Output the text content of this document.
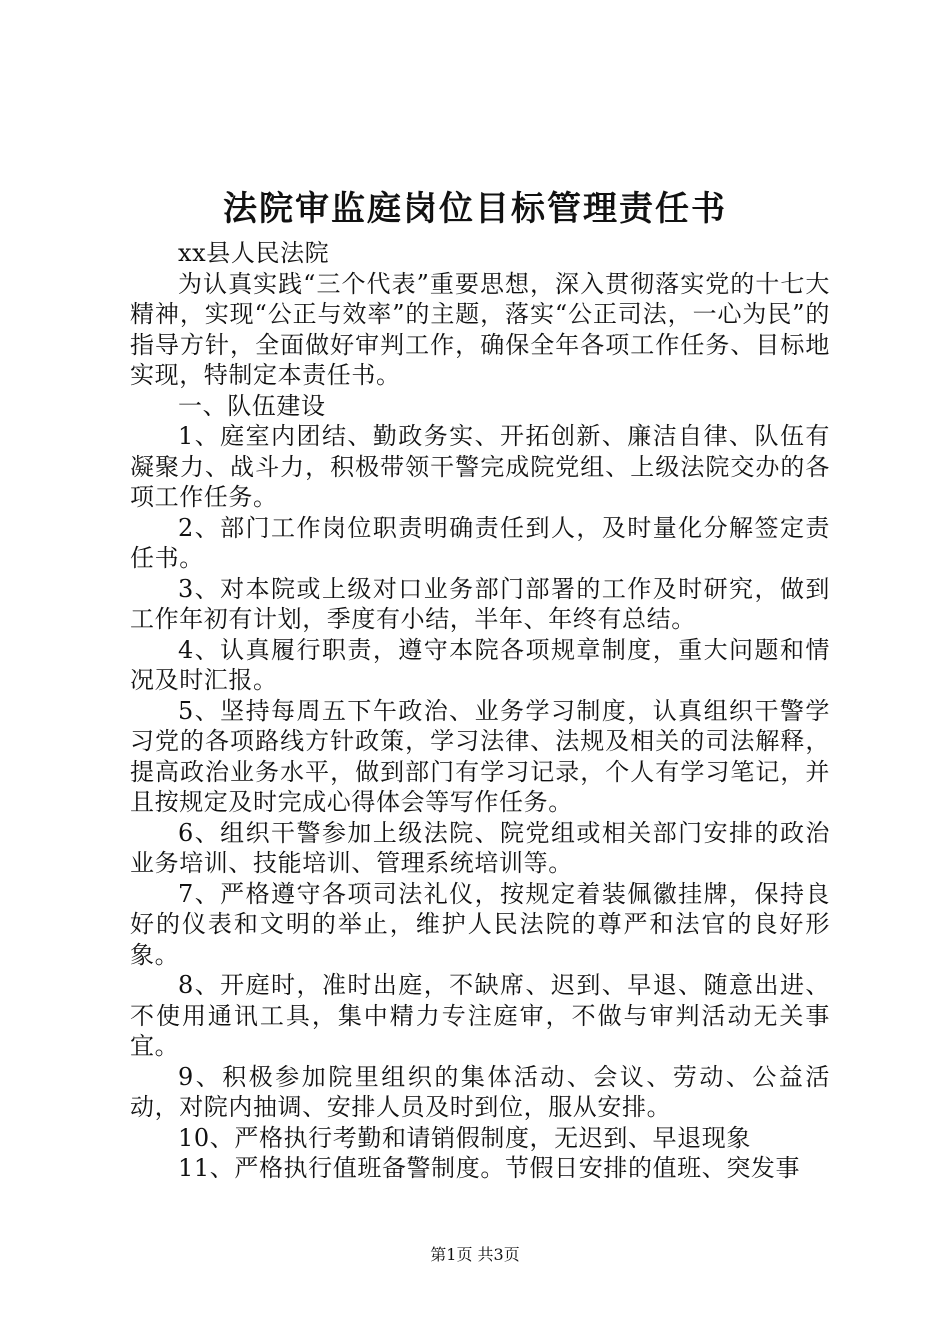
法院审监庭岗位目标管理责任书

xx县人民法院

为认真实践“三个代表”重要思想，深入贯彻落实党的十七大精神，实现“公正与效率”的主题，落实“公正司法，一心为民”的指导方针，全面做好审判工作，确保全年各项工作任务、目标地实现，特制定本责任书。

一、队伍建设

1、庭室内团结、勤政务实、开拓创新、廉洁自律、队伍有凝聚力、战斗力，积极带领干警完成院党组、上级法院交办的各项工作任务。

2、部门工作岗位职责明确责任到人，及时量化分解签定责任书。

3、对本院或上级对口业务部门部署的工作及时研究，做到工作年初有计划，季度有小结，半年、年终有总结。

4、认真履行职责，遵守本院各项规章制度，重大问题和情况及时汇报。

5、坚持每周五下午政治、业务学习制度，认真组织干警学习党的各项路线方针政策，学习法律、法规及相关的司法解释，提高政治业务水平，做到部门有学习记录，个人有学习笔记，并且按规定及时完成心得体会等写作任务。

6、组织干警参加上级法院、院党组或相关部门安排的政治业务培训、技能培训、管理系统培训等。

7、严格遵守各项司法礼仪，按规定着装佩徽挂牌，保持良好的仪表和文明的举止，维护人民法院的尊严和法官的良好形象。

8、开庭时，准时出庭，不缺席、迟到、早退、随意出进、不使用通讯工具，集中精力专注庭审，不做与审判活动无关事宜。

9、积极参加院里组织的集体活动、会议、劳动、公益活动，对院内抽调、安排人员及时到位，服从安排。

10、严格执行考勤和请销假制度，无迟到、早退现象

11、严格执行值班备警制度。节假日安排的值班、突发事

第1页 共3页
